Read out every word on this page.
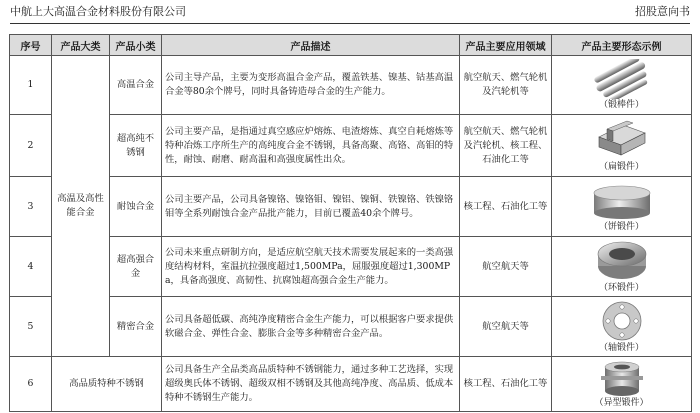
中航上大高温合金材料股份有限公司	招股意向书
序号	产品大类	产品小类	产品描述	产品主要应用领域	产品主要形态示例
1	高温及高性能合金	高温合金	公司主导产品，主要为变形高温合金产品，覆盖铁基、镍基、钴基高温合金等80余个牌号，同时具备铸造母合金的生产能力。	航空航天、燃气轮机及汽轮机等	（锻棒件）

2		超高纯不锈钢	公司主要产品，是指通过真空感应炉熔炼、电渣熔炼、真空自耗熔炼等特种冶炼工序所生产的高纯度合金不锈钢，具备高聚、高铬、高钼的特性，耐蚀、耐磨、耐高温和高强度属性出众。	航空航天、燃气轮机及汽轮机、核工程、石油化工等	（扁锻件）

3		耐蚀合金	公司主要产品，公司具备镍铬、镍铬钼、镍铝、镍铜、铁镍铬、铁镍铬钼等全系列耐蚀合金产品批产能力，目前已覆盖40余个牌号。	核工程、石油化工等	（饼锻件）

4		超高强合金	公司未来重点研制方向，是适应航空航天技术需要发展起来的一类高强度结构材料，室温抗拉强度超过1,500MPa，屈服强度超过1,300MPa，具备高强度、高韧性、抗腐蚀超高强合金生产能力。	航空航天等	（环锻件）

5		精密合金	公司具备超低碳、高纯净度精密合金生产能力，可以根据客户要求提供软磁合金、弹性合金、膨胀合金等多种精密合金产品。	航空航天等	（轴锻件）

6	高品质特种不锈钢		公司具备生产全品类高品质特种不锈钢能力，通过多种工艺选择，实现超级奥氏体不锈钢、超级双相不锈钢及其他高纯净度、高品质、低成本特种不锈钢生产能力。	核工程、石油化工等	（异型锻件）
